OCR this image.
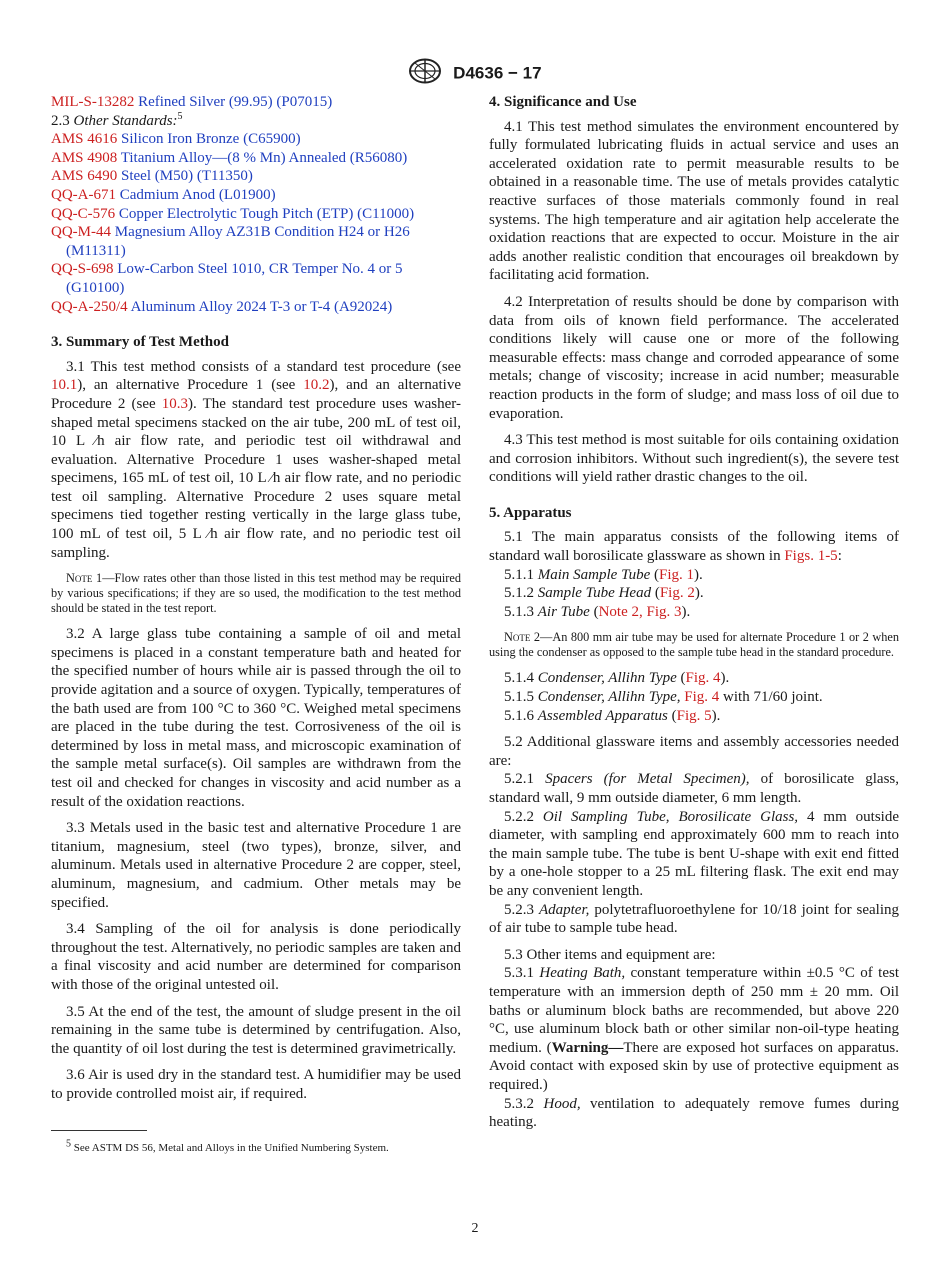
D4636 − 17

MIL-S-13282 Refined Silver (99.95) (P07015)

2.3 Other Standards:$^5$

AMS 4616 Silicon Iron Bronze (C65900)

AMS 4908 Titanium Alloy—(8 % Mn) Annealed (R56080)

AMS 6490 Steel (M50) (T11350)

QQ-A-671 Cadmium Anod (L01900)

QQ-C-576 Copper Electrolytic Tough Pitch (ETP) (C11000)

QQ-M-44 Magnesium Alloy AZ31B Condition H24 or H26 (M11311)

QQ-S-698 Low-Carbon Steel 1010, CR Temper No. 4 or 5 (G10100)

QQ-A-250/4 Aluminum Alloy 2024 T-3 or T-4 (A92024)

3. Summary of Test Method

3.1 This test method consists of a standard test procedure (see 10.1), an alternative Procedure 1 (see 10.2), and an alternative Procedure 2 (see 10.3). The standard test procedure uses washer-shaped metal specimens stacked on the air tube, 200 mL of test oil, 10 L ⁄h air flow rate, and periodic test oil withdrawal and evaluation. Alternative Procedure 1 uses washer-shaped metal specimens, 165 mL of test oil, 10 L ⁄h air flow rate, and no periodic test oil sampling. Alternative Procedure 2 uses square metal specimens tied together resting vertically in the large glass tube, 100 mL of test oil, 5 L ⁄h air flow rate, and no periodic test oil sampling.

Note 1—Flow rates other than those listed in this test method may be required by various specifications; if they are so used, the modification to the test method should be stated in the test report.

3.2 A large glass tube containing a sample of oil and metal specimens is placed in a constant temperature bath and heated for the specified number of hours while air is passed through the oil to provide agitation and a source of oxygen. Typically, temperatures of the bath used are from 100 °C to 360 °C. Weighed metal specimens are placed in the tube during the test. Corrosiveness of the oil is determined by loss in metal mass, and microscopic examination of the sample metal surface(s). Oil samples are withdrawn from the test oil and checked for changes in viscosity and acid number as a result of the oxidation reactions.

3.3 Metals used in the basic test and alternative Procedure 1 are titanium, magnesium, steel (two types), bronze, silver, and aluminum. Metals used in alternative Procedure 2 are copper, steel, aluminum, magnesium, and cadmium. Other metals may be specified.

3.4 Sampling of the oil for analysis is done periodically throughout the test. Alternatively, no periodic samples are taken and a final viscosity and acid number are determined for comparison with those of the original untested oil.

3.5 At the end of the test, the amount of sludge present in the oil remaining in the same tube is determined by centrifugation. Also, the quantity of oil lost during the test is determined gravimetrically.

3.6 Air is used dry in the standard test. A humidifier may be used to provide controlled moist air, if required.

$^5$ See ASTM DS 56, Metal and Alloys in the Unified Numbering System.

4. Significance and Use

4.1 This test method simulates the environment encountered by fully formulated lubricating fluids in actual service and uses an accelerated oxidation rate to permit measurable results to be obtained in a reasonable time. The use of metals provides catalytic reactive surfaces of those materials commonly found in real systems. The high temperature and air agitation help accelerate the oxidation reactions that are expected to occur. Moisture in the air adds another realistic condition that encourages oil breakdown by facilitating acid formation.

4.2 Interpretation of results should be done by comparison with data from oils of known field performance. The accelerated conditions likely will cause one or more of the following measurable effects: mass change and corroded appearance of some metals; change of viscosity; increase in acid number; measurable reaction products in the form of sludge; and mass loss of oil due to evaporation.

4.3 This test method is most suitable for oils containing oxidation and corrosion inhibitors. Without such ingredient(s), the severe test conditions will yield rather drastic changes to the oil.

5. Apparatus

5.1 The main apparatus consists of the following items of standard wall borosilicate glassware as shown in Figs. 1-5:

5.1.1 Main Sample Tube (Fig. 1).

5.1.2 Sample Tube Head (Fig. 2).

5.1.3 Air Tube (Note 2, Fig. 3).

Note 2—An 800 mm air tube may be used for alternate Procedure 1 or 2 when using the condenser as opposed to the sample tube head in the standard procedure.

5.1.4 Condenser, Allihn Type (Fig. 4).

5.1.5 Condenser, Allihn Type, Fig. 4 with 71/60 joint.

5.1.6 Assembled Apparatus (Fig. 5).

5.2 Additional glassware items and assembly accessories needed are:

5.2.1 Spacers (for Metal Specimen), of borosilicate glass, standard wall, 9 mm outside diameter, 6 mm length.

5.2.2 Oil Sampling Tube, Borosilicate Glass, 4 mm outside diameter, with sampling end approximately 600 mm to reach into the main sample tube. The tube is bent U-shape with exit end fitted by a one-hole stopper to a 25 mL filtering flask. The exit end may be any convenient length.

5.2.3 Adapter, polytetrafluoroethylene for 10/18 joint for sealing of air tube to sample tube head.

5.3 Other items and equipment are:

5.3.1 Heating Bath, constant temperature within ±0.5 °C of test temperature with an immersion depth of 250 mm ± 20 mm. Oil baths or aluminum block baths are recommended, but above 220 °C, use aluminum block bath or other similar non-oil-type heating medium. (Warning—There are exposed hot surfaces on apparatus. Avoid contact with exposed skin by use of protective equipment as required.)

5.3.2 Hood, ventilation to adequately remove fumes during heating.

2
